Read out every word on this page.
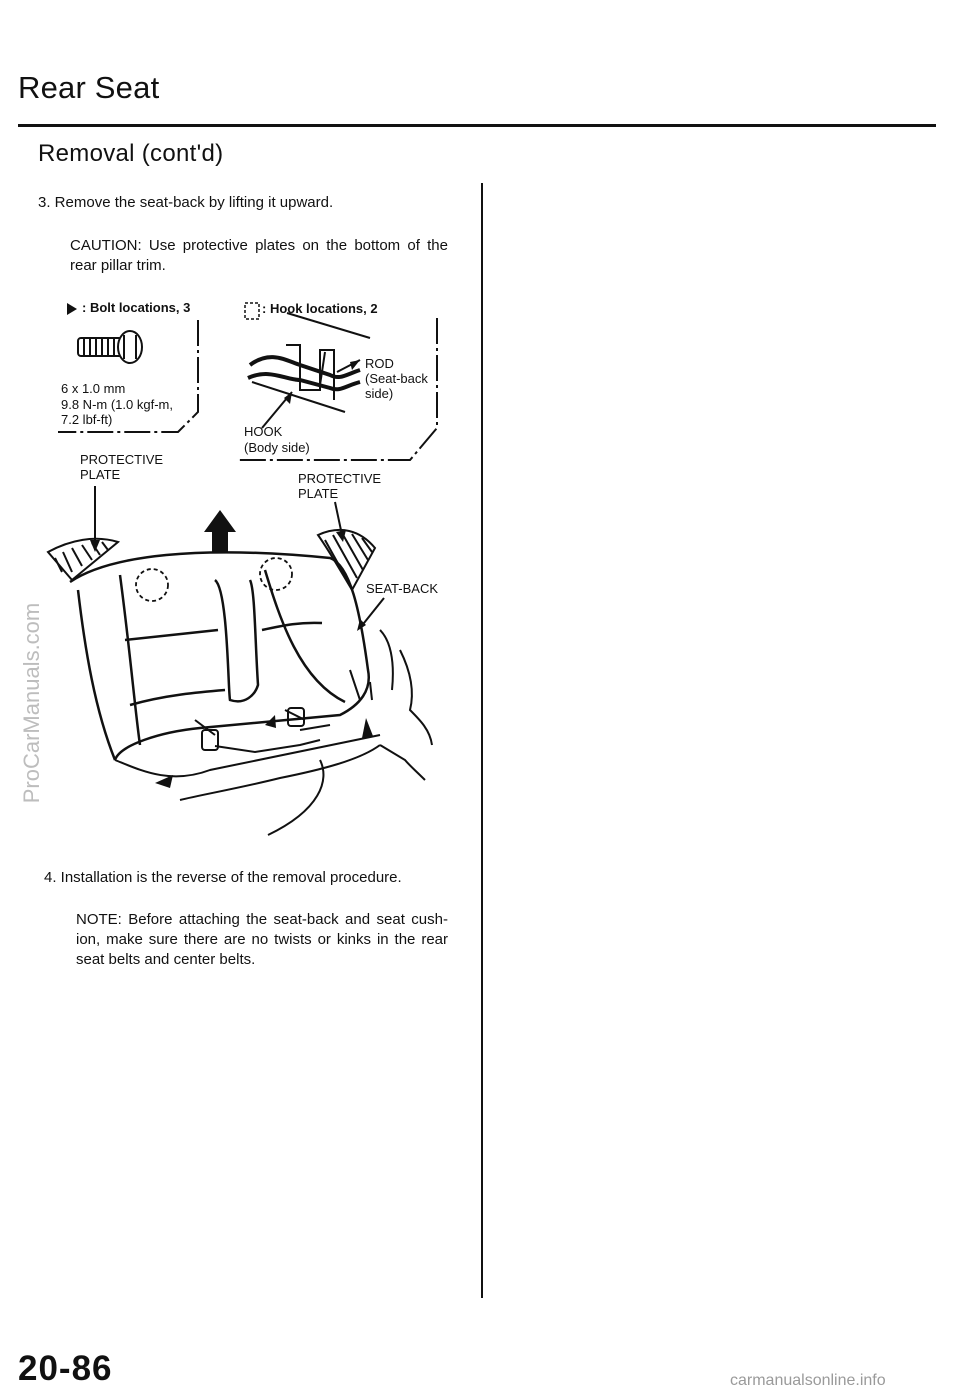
Rear Seat
Removal (cont'd)
3. Remove the seat-back by lifting it upward.
CAUTION: Use protective plates on the bottom of the rear pillar trim.
: Bolt locations, 3	: Hook locations, 2
6 x 1.0 mm
9.8 N-m (1.0 kgf-m,
7.2 lbf-ft)
ROD
(Seat-back
side)
HOOK
(Body side)
PROTECTIVE
PLATE	PROTECTIVE
PLATE
SEAT-BACK
4. Installation is the reverse of the removal procedure.
NOTE: Before attaching the seat-back and seat cush-ion, make sure there are no twists or kinks in the rear seat belts and center belts.
ProCarManuals.com
20-86	carmanualsonline.info
